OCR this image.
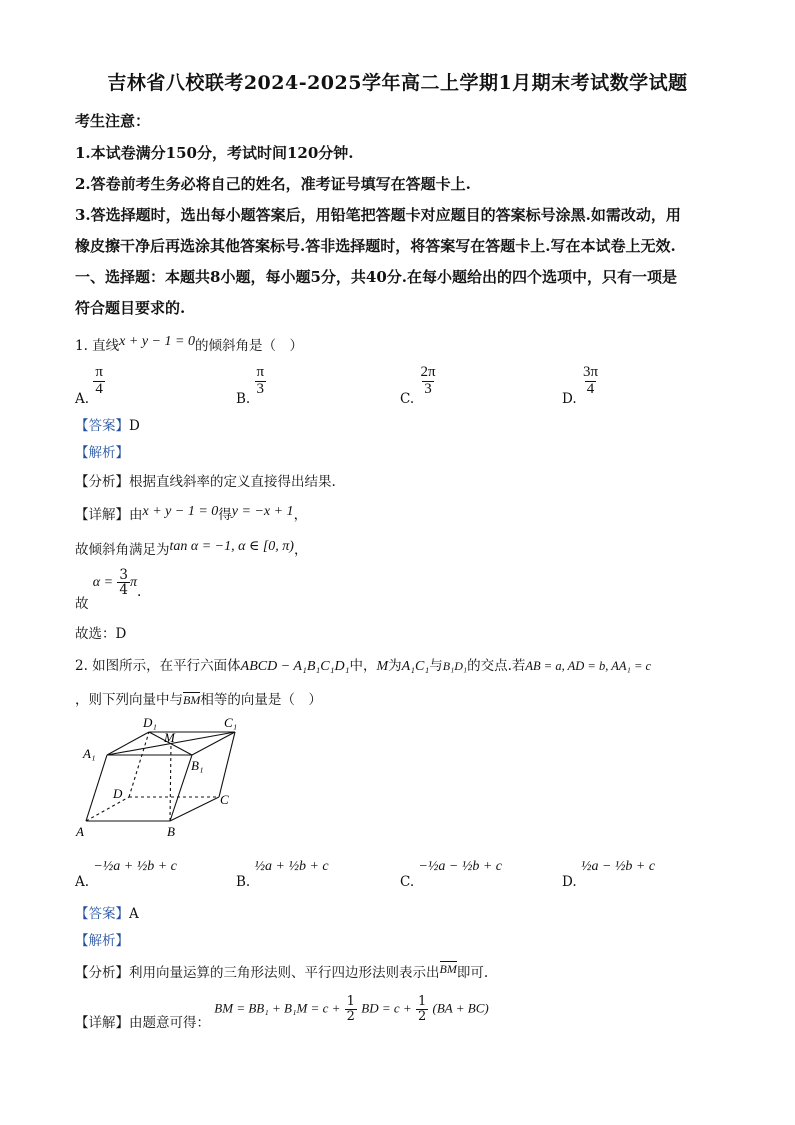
吉林省八校联考2024-2025学年高二上学期1月期末考试数学试题
考生注意：
1.本试卷满分150分，考试时间120分钟.
2.答卷前考生务必将自己的姓名，准考证号填写在答题卡上.
3.答选择题时，选出每小题答案后，用铅笔把答题卡对应题目的答案标号涂黑.如需改动，用
橡皮擦干净后再选涂其他答案标号.答非选择题时，将答案写在答题卡上.写在本试卷上无效.
一、选择题：本题共8小题，每小题5分，共40分.在每小题给出的四个选项中，只有一项是
符合题目要求的.
1. 直线x + y − 1 = 0的倾斜角是（　）
A.
$\frac{\pi}{4}$
B.
$\frac{\pi}{3}$
C.
$\frac{2\pi}{3}$
D.
$\frac{3\pi}{4}$
【答案】D
【解析】
【分析】根据直线斜率的定义直接得出结果.
【详解】由x + y − 1 = 0得y = −x + 1，
故倾斜角满足为tan α = −1, α ∈ [0, π)，
故 $\alpha = \frac{3}{4} \pi$.
故选：D
2. 如图所示，在平行六面体ABCD − A₁B₁C₁D₁中，M为A₁C₁与B₁D₁的交点.若AB = a, AD = b, AA₁ = c
，则下列向量中与BM相等的向量是（　）
D₁	C₁
A₁
M
B₁
D	C
A	B
A. −½a + ½b + c
B. ½a + ½b + c
C. −½a − ½b + c
D. ½a − ½b + c
【答案】A
【解析】
【分析】利用向量运算的三角形法则、平行四边形法则表示出BM即可.
【详解】由题意可得： BM = $BB_1 + B_1M = c + \frac{1}{2}$ BD = $c + \frac{1}{2} (BA + BC)$
